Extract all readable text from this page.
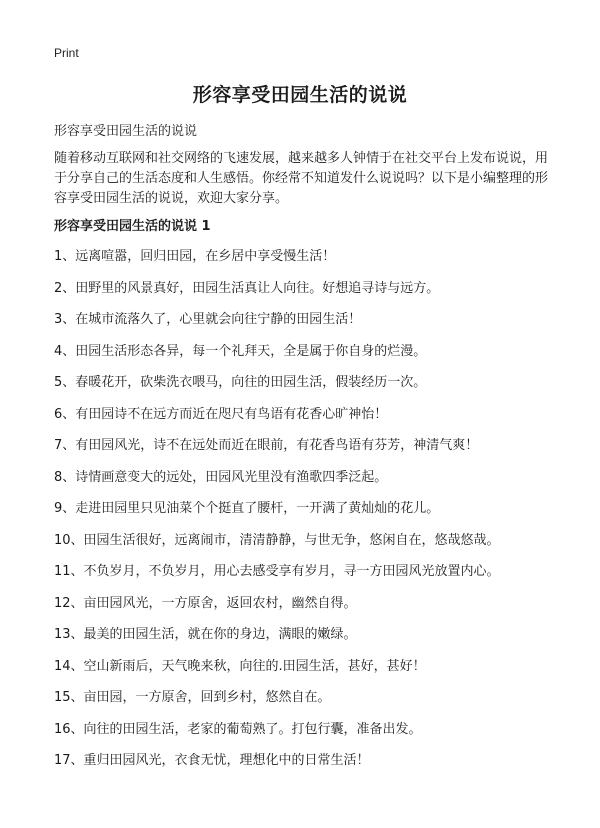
Print
形容享受田园生活的说说

形容享受田园生活的说说

随着移动互联网和社交网络的飞速发展，越来越多人钟情于在社交平台上发布说说，用于分享自己的生活态度和人生感悟。你经常不知道发什么说说吗？以下是小编整理的形容享受田园生活的说说，欢迎大家分享。

形容享受田园生活的说说 1
1、远离喧嚣，回归田园，在乡居中享受慢生活！
2、田野里的风景真好，田园生活真让人向往。好想追寻诗与远方。
3、在城市流落久了，心里就会向往宁静的田园生活！
4、田园生活形态各异，每一个礼拜天，全是属于你自身的烂漫。
5、春暖花开，砍柴洗衣喂马，向往的田园生活，假装经历一次。
6、有田园诗不在远方而近在咫尺有鸟语有花香心旷神怡！
7、有田园风光，诗不在远处而近在眼前，有花香鸟语有芬芳，神清气爽！
8、诗情画意变大的远处，田园风光里没有渔歌四季泛起。
9、走进田园里只见油菜个个挺直了腰杆，一开满了黄灿灿的花儿。
10、田园生活很好，远离闹市，清清静静，与世无争，悠闲自在，悠哉悠哉。
11、不负岁月，不负岁月，用心去感受享有岁月，寻一方田园风光放置内心。
12、亩田园风光，一方原舍，返回农村，幽然自得。
13、最美的田园生活，就在你的身边，满眼的嫩绿。
14、空山新雨后，天气晚来秋，向往的.田园生活，甚好，甚好！
15、亩田园，一方原舍，回到乡村，悠然自在。
16、向往的田园生活，老家的葡萄熟了。打包行囊，准备出发。
17、重归田园风光，衣食无忧，理想化中的日常生活！
